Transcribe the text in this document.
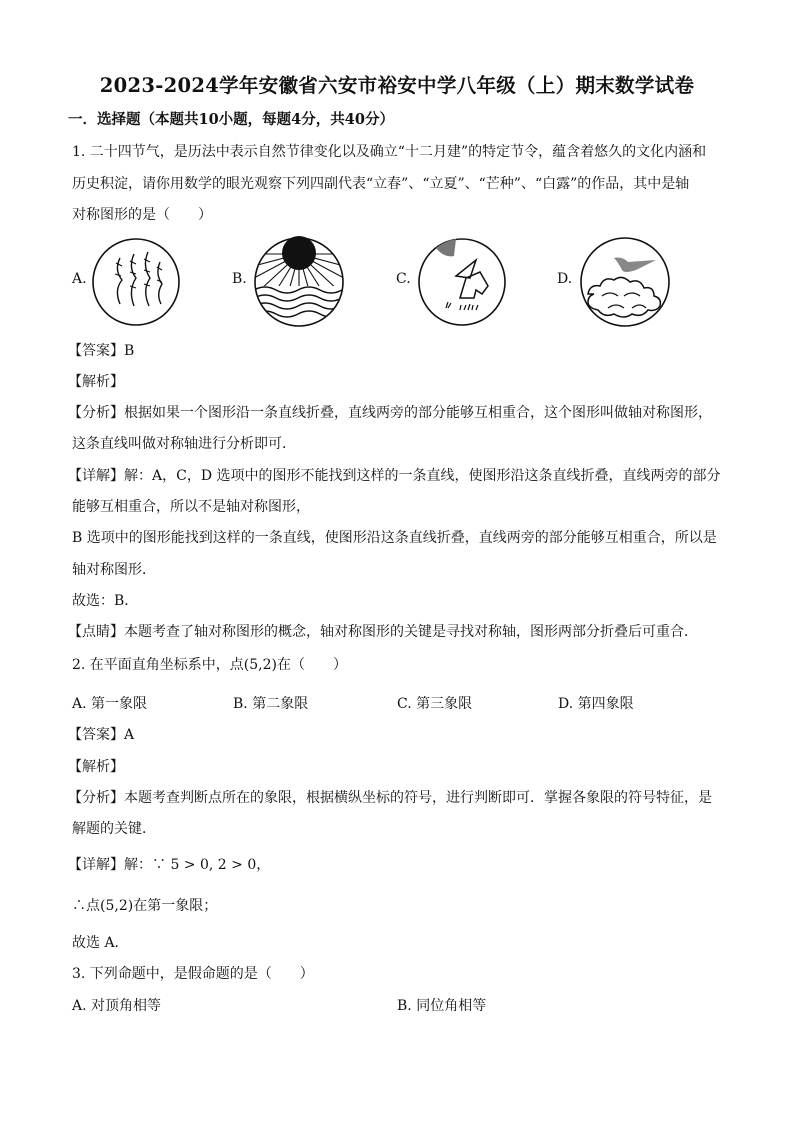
2023-2024学年安徽省六安市裕安中学八年级（上）期末数学试卷
一．选择题（本题共10小题，每题4分，共40分）
1. 二十四节气，是历法中表示自然节律变化以及确立“十二月建”的特定节令，蕴含着悠久的文化内涵和
历史积淀，请你用数学的眼光观察下列四副代表“立春”、“立夏”、“芒种”、“白露”的作品，其中是轴
对称图形的是（　　）
A.	B.	C.	D.
【答案】B
【解析】
【分析】根据如果一个图形沿一条直线折叠，直线两旁的部分能够互相重合，这个图形叫做轴对称图形，
这条直线叫做对称轴进行分析即可．
【详解】解：A，C，D 选项中的图形不能找到这样的一条直线，使图形沿这条直线折叠，直线两旁的部分
能够互相重合，所以不是轴对称图形，
B 选项中的图形能找到这样的一条直线，使图形沿这条直线折叠，直线两旁的部分能够互相重合，所以是
轴对称图形．
故选：B．
【点睛】本题考查了轴对称图形的概念，轴对称图形的关键是寻找对称轴，图形两部分折叠后可重合．
2. 在平面直角坐标系中，点(5,2)在（　　）
A. 第一象限	B. 第二象限	C. 第三象限	D. 第四象限
【答案】A
【解析】
【分析】本题考查判断点所在的象限，根据横纵坐标的符号，进行判断即可．掌握各象限的符号特征，是
解题的关键．
【详解】解：∵ 5 > 0, 2 > 0，
∴点(5,2)在第一象限；
故选 A．
3. 下列命题中，是假命题的是（　　）
A. 对顶角相等	B. 同位角相等
